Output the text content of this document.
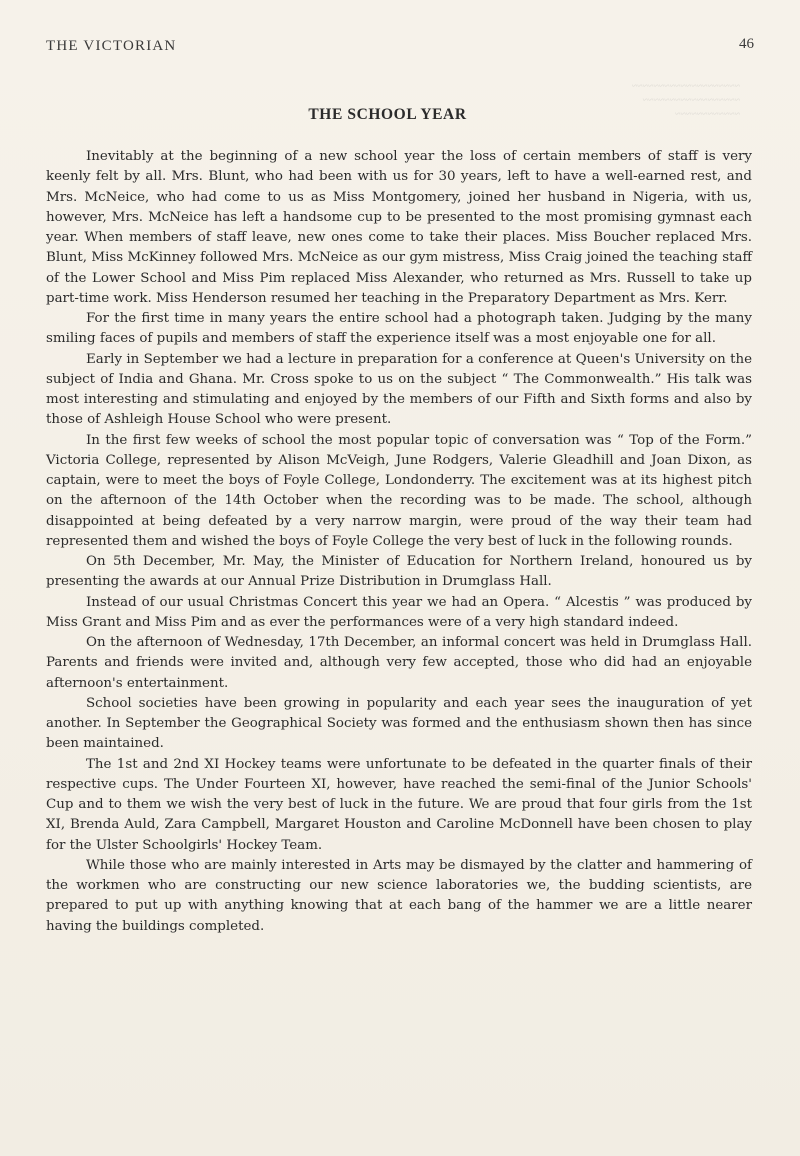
THE VICTORIAN	46
~~~~~~~~~~~~~~~~~~~~
~~~~~~~~~~~~~~~~~~
~~~~~~~~~~~~
THE SCHOOL YEAR

Inevitably at the beginning of a new school year the loss of certain members of staff is very keenly felt by all. Mrs. Blunt, who had been with us for 30 years, left to have a well-earned rest, and Mrs. McNeice, who had come to us as Miss Montgomery, joined her husband in Nigeria, with us, however, Mrs. McNeice has left a handsome cup to be presented to the most promising gymnast each year. When members of staff leave, new ones come to take their places. Miss Boucher replaced Mrs. Blunt, Miss McKinney followed Mrs. McNeice as our gym mistress, Miss Craig joined the teaching staff of the Lower School and Miss Pim replaced Miss Alexander, who returned as Mrs. Russell to take up part-time work. Miss Henderson resumed her teaching in the Preparatory Department as Mrs. Kerr.

For the first time in many years the entire school had a photograph taken. Judging by the many smiling faces of pupils and members of staff the experience itself was a most enjoyable one for all.

Early in September we had a lecture in preparation for a conference at Queen's University on the subject of India and Ghana. Mr. Cross spoke to us on the subject “ The Commonwealth.” His talk was most interesting and stimulating and enjoyed by the members of our Fifth and Sixth forms and also by those of Ashleigh House School who were present.

In the first few weeks of school the most popular topic of conversation was “ Top of the Form.” Victoria College, represented by Alison McVeigh, June Rodgers, Valerie Gleadhill and Joan Dixon, as captain, were to meet the boys of Foyle College, Londonderry. The excitement was at its highest pitch on the afternoon of the 14th October when the recording was to be made. The school, although disappointed at being defeated by a very narrow margin, were proud of the way their team had represented them and wished the boys of Foyle College the very best of luck in the following rounds.

On 5th December, Mr. May, the Minister of Education for Northern Ireland, honoured us by presenting the awards at our Annual Prize Distribution in Drumglass Hall.

Instead of our usual Christmas Concert this year we had an Opera. “ Alcestis ” was produced by Miss Grant and Miss Pim and as ever the performances were of a very high standard indeed.

On the afternoon of Wednesday, 17th December, an informal concert was held in Drumglass Hall. Parents and friends were invited and, although very few accepted, those who did had an enjoyable afternoon's entertainment.

School societies have been growing in popularity and each year sees the inauguration of yet another. In September the Geographical Society was formed and the enthusiasm shown then has since been maintained.

The 1st and 2nd XI Hockey teams were unfortunate to be defeated in the quarter finals of their respective cups. The Under Fourteen XI, however, have reached the semi-final of the Junior Schools' Cup and to them we wish the very best of luck in the future. We are proud that four girls from the 1st XI, Brenda Auld, Zara Campbell, Margaret Houston and Caroline McDonnell have been chosen to play for the Ulster Schoolgirls' Hockey Team.

While those who are mainly interested in Arts may be dismayed by the clatter and hammering of the workmen who are constructing our new science laboratories we, the budding scientists, are prepared to put up with anything knowing that at each bang of the hammer we are a little nearer having the buildings completed.
